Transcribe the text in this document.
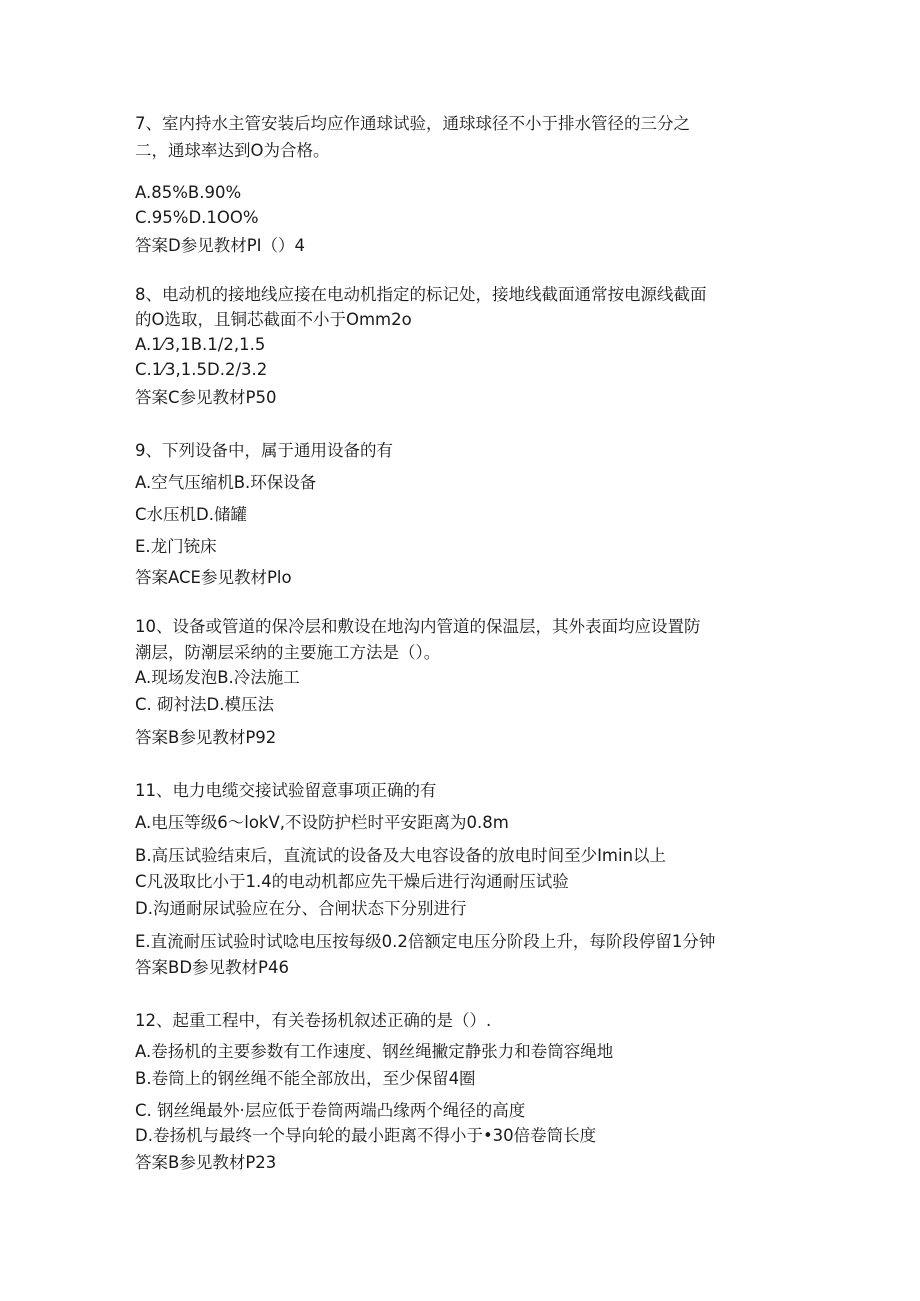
7、室内持水主管安装后均应作通球试验，通球球径不小于排水管径的三分之
二，通球率达到O为合格。
A.85%B.90%
C.95%D.1OO%
答案D参见教材PI（）4
8、电动机的接地线应接在电动机指定的标记处，接地线截面通常按电源线截面
的O选取，且铜芯截面不小于Omm2o
A.1⁄3,1B.1/2,1.5
C.1⁄3,1.5D.2/3.2
答案C参见教材P50
9、下列设备中，属于通用设备的有
A.空气压缩机B.环保设备
C水压机D.储罐
E.龙门铳床
答案ACE参见教材Plo
10、设备或管道的保冷层和敷设在地沟内管道的保温层，其外表面均应设置防
潮层，防潮层采纳的主要施工方法是（）。
A.现场发泡B.冷法施工
C. 砌衬法D.模压法
答案B参见教材P92
11、电力电缆交接试验留意事项正确的有
A.电压等级6～lokV,不设防护栏时平安距离为0.8m
B.高压试验结束后，直流试的设备及大电容设备的放电时间至少Imin以上
C凡汲取比小于1.4的电动机都应先干燥后进行沟通耐压试验
D.沟通耐尿试验应在分、合闸状态下分别进行
E.直流耐压试验时试唸电压按每级0.2倍额定电压分阶段上升，每阶段停留1分钟
答案BD参见教材P46
12、起重工程中，有关卷扬机叙述正确的是（）.
A.卷扬机的主要参数有工作速度、钢丝绳撇定静张力和卷筒容绳地
B.卷筒上的钢丝绳不能全部放出，至少保留4圈
C. 钢丝绳最外·层应低于卷筒两端凸缘两个绳径的高度
D.卷扬机与最终一个导向轮的最小距离不得小于•30倍卷筒长度
答案B参见教材P23
